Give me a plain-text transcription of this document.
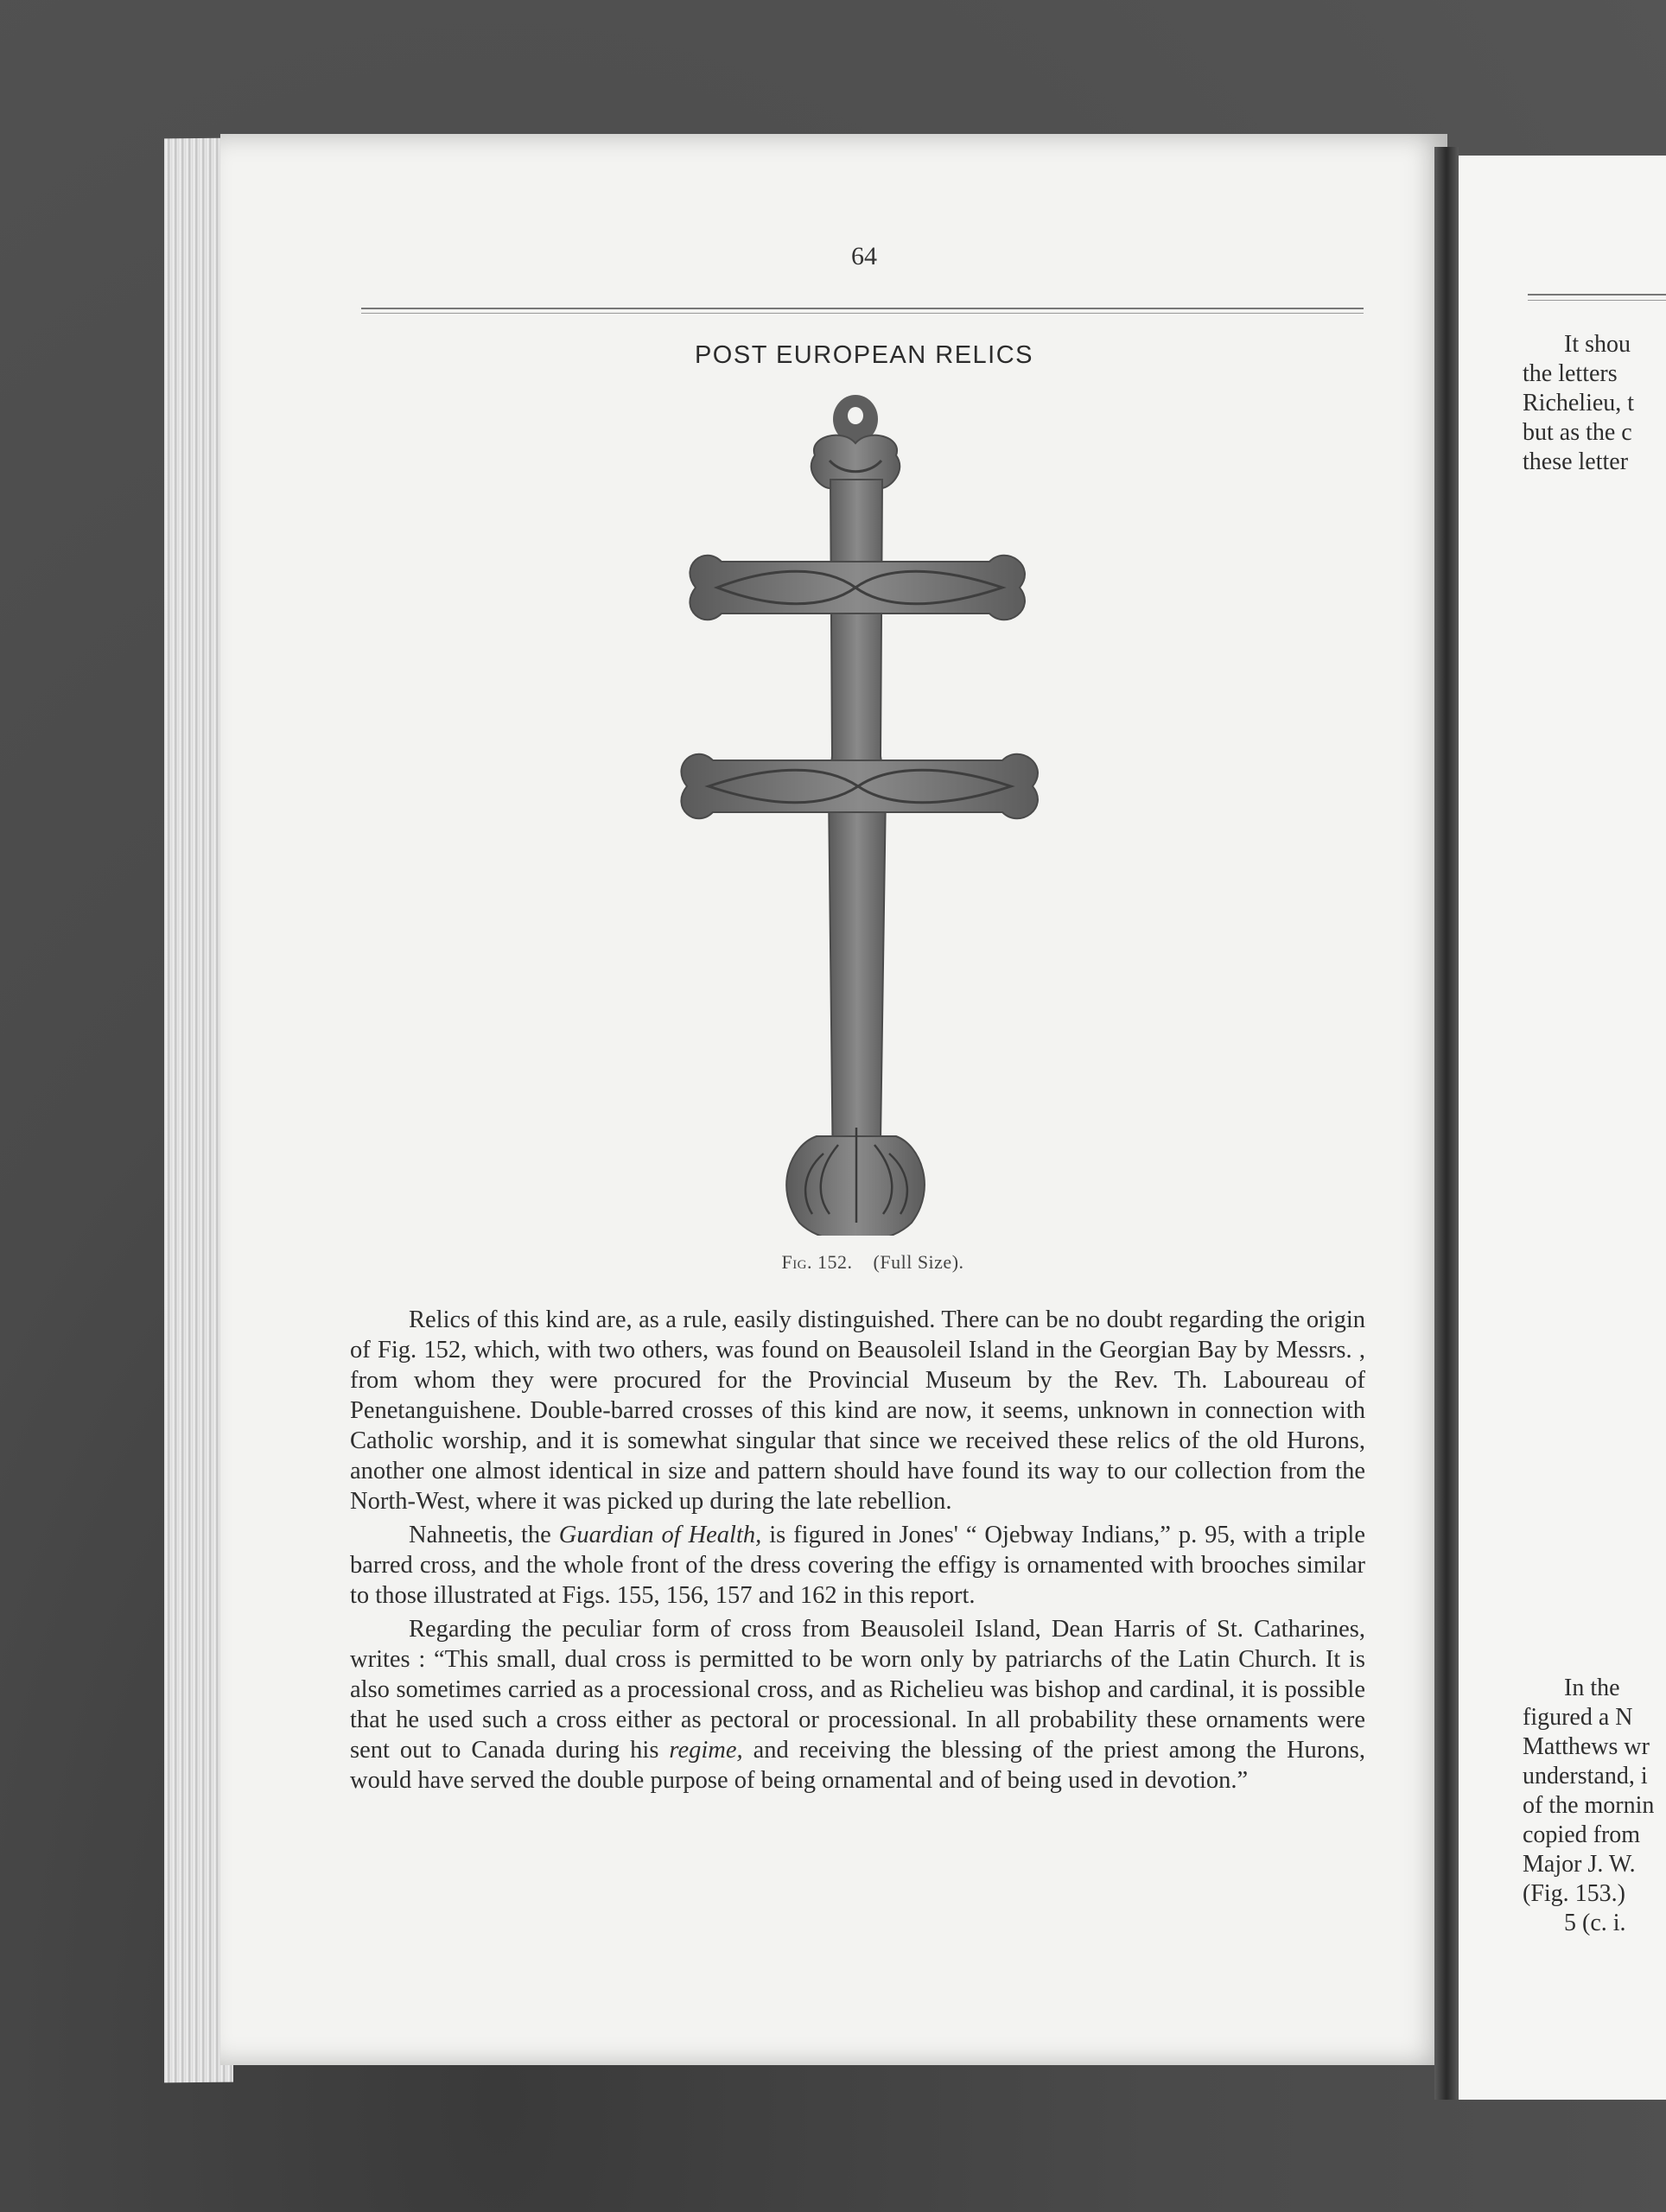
64
POST EUROPEAN RELICS
Fig. 152. (Full Size).

Relics of this kind are, as a rule, easily distinguished. There can be no doubt regarding the origin of Fig. 152, which, with two others, was found on Beausoleil Island in the Georgian Bay by Messrs. , from whom they were procured for the Provincial Museum by the Rev. Th. Laboureau of Penetanguishene. Double-barred crosses of this kind are now, it seems, unknown in connection with Catholic worship, and it is somewhat singular that since we received these relics of the old Hurons, another one almost identical in size and pattern should have found its way to our collection from the North-West, where it was picked up during the late rebellion.

Nahneetis, the Guardian of Health, is figured in Jones' “ Ojebway Indians,” p. 95, with a triple barred cross, and the whole front of the dress covering the effigy is ornamented with brooches similar to those illustrated at Figs. 155, 156, 157 and 162 in this report.

Regarding the peculiar form of cross from Beausoleil Island, Dean Harris of St. Catharines, writes : “This small, dual cross is permitted to be worn only by patriarchs of the Latin Church. It is also sometimes carried as a processional cross, and as Richelieu was bishop and cardinal, it is possible that he used such a cross either as pectoral or processional. In all probability these ornaments were sent out to Canada during his regime, and receiving the blessing of the priest among the Hurons, would have served the double purpose of being ornamental and of being used in devotion.”

It shou
the letters
Richelieu, t
but as the c
these letter
In the
figured a N
Matthews wr
understand, i
of the mornin
copied from
Major J. W.
(Fig. 153.)
5 (c. i.
